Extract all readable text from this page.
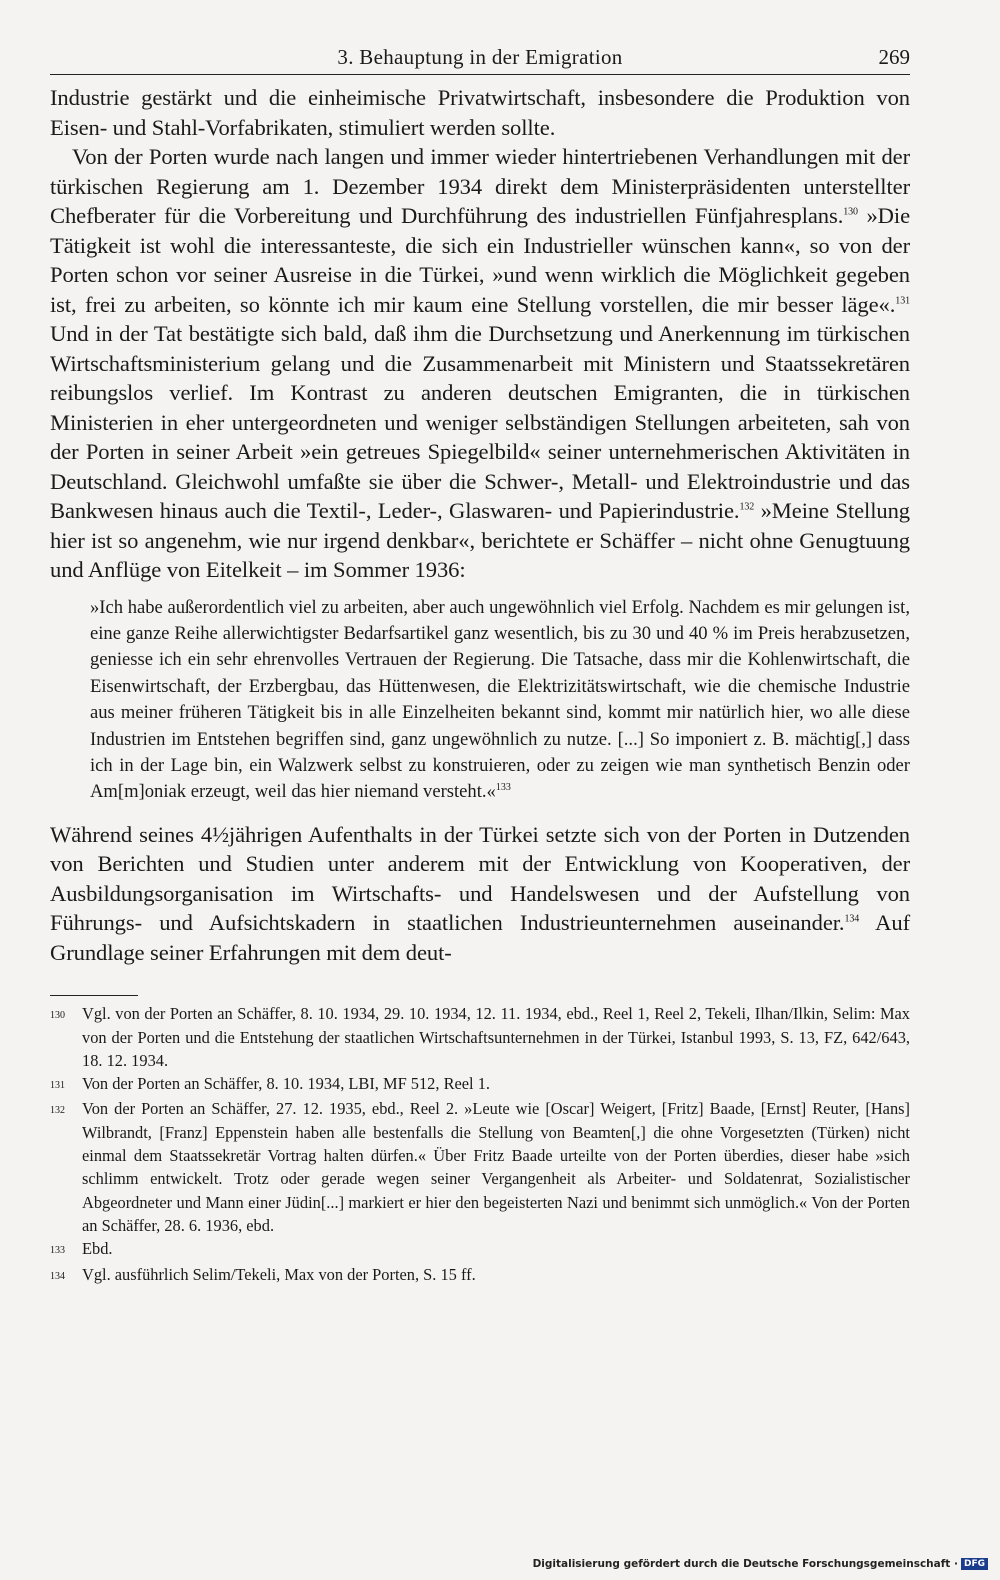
3. Behauptung in der Emigration	269

Industrie gestärkt und die einheimische Privatwirtschaft, insbesondere die Produktion von Eisen- und Stahl-Vorfabrikaten, stimuliert werden sollte.

Von der Porten wurde nach langen und immer wieder hintertriebenen Verhandlungen mit der türkischen Regierung am 1. Dezember 1934 direkt dem Ministerpräsidenten unterstellter Chefberater für die Vorbereitung und Durchführung des industriellen Fünfjahresplans.$^{130}$ »Die Tätigkeit ist wohl die interessanteste, die sich ein Industrieller wünschen kann«, so von der Porten schon vor seiner Ausreise in die Türkei, »und wenn wirklich die Möglichkeit gegeben ist, frei zu arbeiten, so könnte ich mir kaum eine Stellung vorstellen, die mir besser läge«.$^{131}$ Und in der Tat bestätigte sich bald, daß ihm die Durchsetzung und Anerkennung im türkischen Wirtschaftsministerium gelang und die Zusammenarbeit mit Ministern und Staatssekretären reibungslos verlief. Im Kontrast zu anderen deutschen Emigranten, die in türkischen Ministerien in eher untergeordneten und weniger selbständigen Stellungen arbeiteten, sah von der Porten in seiner Arbeit »ein getreues Spiegelbild« seiner unternehmerischen Aktivitäten in Deutschland. Gleichwohl umfaßte sie über die Schwer-, Metall- und Elektroindustrie und das Bankwesen hinaus auch die Textil-, Leder-, Glaswaren- und Papierindustrie.$^{132}$ »Meine Stellung hier ist so angenehm, wie nur irgend denkbar«, berichtete er Schäffer – nicht ohne Genugtuung und Anflüge von Eitelkeit – im Sommer 1936:

»Ich habe außerordentlich viel zu arbeiten, aber auch ungewöhnlich viel Erfolg. Nachdem es mir gelungen ist, eine ganze Reihe allerwichtigster Bedarfsartikel ganz wesentlich, bis zu 30 und 40 % im Preis herabzusetzen, geniesse ich ein sehr ehrenvolles Vertrauen der Regierung. Die Tatsache, dass mir die Kohlenwirtschaft, die Eisenwirtschaft, der Erzbergbau, das Hüttenwesen, die Elektrizitätswirtschaft, wie die chemische Industrie aus meiner früheren Tätigkeit bis in alle Einzelheiten bekannt sind, kommt mir natürlich hier, wo alle diese Industrien im Entstehen begriffen sind, ganz ungewöhnlich zu nutze. [...] So imponiert z. B. mächtig[,] dass ich in der Lage bin, ein Walzwerk selbst zu konstruieren, oder zu zeigen wie man synthetisch Benzin oder Am[m]oniak erzeugt, weil das hier niemand versteht.«$^{133}$

Während seines 4½jährigen Aufenthalts in der Türkei setzte sich von der Porten in Dutzenden von Berichten und Studien unter anderem mit der Entwicklung von Kooperativen, der Ausbildungsorganisation im Wirtschafts- und Handelswesen und der Aufstellung von Führungs- und Aufsichtskadern in staatlichen Industrieunternehmen auseinander.$^{134}$ Auf Grundlage seiner Erfahrungen mit dem deut-

130	Vgl. von der Porten an Schäffer, 8. 10. 1934, 29. 10. 1934, 12. 11. 1934, ebd., Reel 1, Reel 2, Tekeli, Ilhan/Ilkin, Selim: Max von der Porten und die Entstehung der staatlichen Wirtschaftsunternehmen in der Türkei, Istanbul 1993, S. 13, FZ, 642/643, 18. 12. 1934.
131	Von der Porten an Schäffer, 8. 10. 1934, LBI, MF 512, Reel 1.
132	Von der Porten an Schäffer, 27. 12. 1935, ebd., Reel 2. »Leute wie [Oscar] Weigert, [Fritz] Baade, [Ernst] Reuter, [Hans] Wilbrandt, [Franz] Eppenstein haben alle bestenfalls die Stellung von Beamten[,] die ohne Vorgesetzten (Türken) nicht einmal dem Staatssekretär Vortrag halten dürfen.« Über Fritz Baade urteilte von der Porten überdies, dieser habe »sich schlimm entwickelt. Trotz oder gerade wegen seiner Vergangenheit als Arbeiter- und Soldatenrat, Sozialistischer Abgeordneter und Mann einer Jüdin[...] markiert er hier den begeisterten Nazi und benimmt sich unmöglich.« Von der Porten an Schäffer, 28. 6. 1936, ebd.
133	Ebd.
134	Vgl. ausführlich Selim/Tekeli, Max von der Porten, S. 15 ff.
Digitalisierung gefördert durch die Deutsche Forschungsgemeinschaft · DFG
